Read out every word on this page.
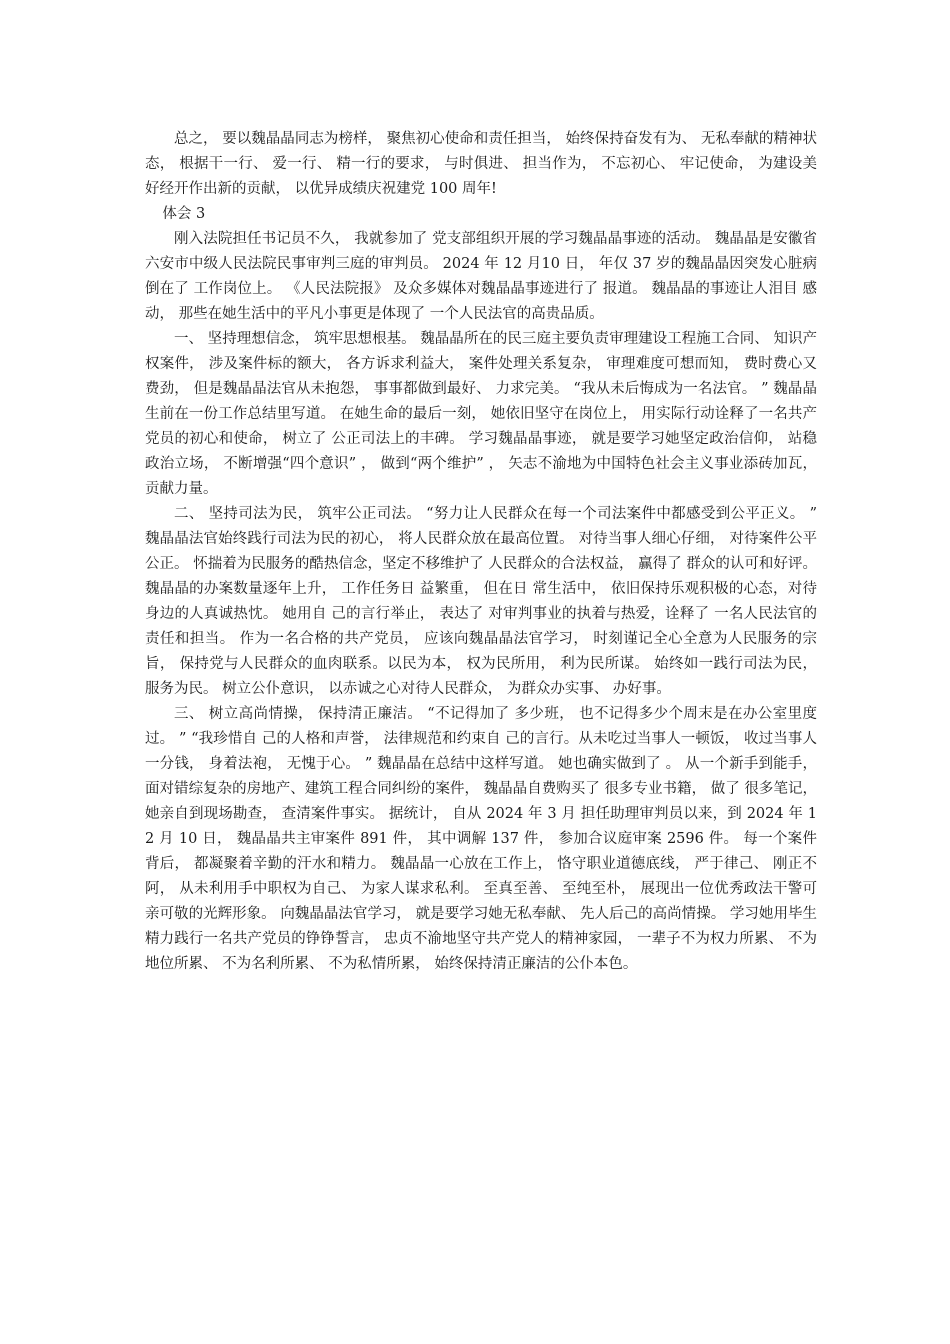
总之， 要以魏晶晶同志为榜样， 聚焦初心使命和责任担当， 始终保持奋发有为、 无私奉献的精神状态， 根据干一行、 爱一行、 精一行的要求， 与时俱进、 担当作为， 不忘初心、 牢记使命， 为建设美好经开作出新的贡献， 以优异成绩庆祝建党 100 周年!

体会 3

刚入法院担任书记员不久， 我就参加了 党支部组织开展的学习魏晶晶事迹的活动。 魏晶晶是安徽省六安市中级人民法院民事审判三庭的审判员。 2024 年 12 月10 日， 年仅 37 岁的魏晶晶因突发心脏病倒在了 工作岗位上。 《人民法院报》 及众多媒体对魏晶晶事迹进行了 报道。 魏晶晶的事迹让人泪目 感动， 那些在她生活中的平凡小事更是体现了 一个人民法官的高贵品质。

一、 坚持理想信念， 筑牢思想根基。 魏晶晶所在的民三庭主要负责审理建设工程施工合同、 知识产权案件， 涉及案件标的额大， 各方诉求利益大， 案件处理关系复杂， 审理难度可想而知， 费时费心又费劲， 但是魏晶晶法官从未抱怨， 事事都做到最好、 力求完美。 “我从未后悔成为一名法官。 ” 魏晶晶生前在一份工作总结里写道。 在她生命的最后一刻， 她依旧坚守在岗位上， 用实际行动诠释了一名共产党员的初心和使命， 树立了 公正司法上的丰碑。 学习魏晶晶事迹， 就是要学习她坚定政治信仰， 站稳政治立场， 不断增强“四个意识” ， 做到“两个维护” ， 矢志不渝地为中国特色社会主义事业添砖加瓦， 贡献力量。

二、 坚持司法为民， 筑牢公正司法。 “努力让人民群众在每一个司法案件中都感受到公平正义。 ” 魏晶晶法官始终践行司法为民的初心， 将人民群众放在最高位置。 对待当事人细心仔细， 对待案件公平公正。 怀揣着为民服务的酷热信念，坚定不移维护了 人民群众的合法权益， 赢得了 群众的认可和好评。 魏晶晶的办案数量逐年上升， 工作任务日 益繁重， 但在日 常生活中， 依旧保持乐观积极的心态，对待身边的人真诚热忱。 她用自 己的言行举止， 表达了 对审判事业的执着与热爱，诠释了 一名人民法官的责任和担当。 作为一名合格的共产党员， 应该向魏晶晶法官学习， 时刻谨记全心全意为人民服务的宗旨， 保持党与人民群众的血肉联系。以民为本， 权为民所用， 利为民所谋。 始终如一践行司法为民， 服务为民。 树立公仆意识， 以赤诚之心对待人民群众， 为群众办实事、 办好事。

三、 树立高尚情操， 保持清正廉洁。 “不记得加了 多少班， 也不记得多少个周末是在办公室里度过。 ” “我珍惜自 己的人格和声誉， 法律规范和约束自 己的言行。从未吃过当事人一顿饭， 收过当事人一分钱， 身着法袍， 无愧于心。 ” 魏晶晶在总结中这样写道。 她也确实做到了 。 从一个新手到能手， 面对错综复杂的房地产、建筑工程合同纠纷的案件， 魏晶晶自费购买了 很多专业书籍， 做了 很多笔记， 她亲自到现场勘查， 查清案件事实。 据统计， 自从 2024 年 3 月 担任助理审判员以来，到 2024 年 12 月 10 日， 魏晶晶共主审案件 891 件， 其中调解 137 件， 参加合议庭审案 2596 件。 每一个案件背后， 都凝聚着辛勤的汗水和精力。 魏晶晶一心放在工作上， 恪守职业道德底线， 严于律己、 刚正不阿， 从未利用手中职权为自己、 为家人谋求私利。 至真至善、 至纯至朴， 展现出一位优秀政法干警可亲可敬的光辉形象。 向魏晶晶法官学习， 就是要学习她无私奉献、 先人后己的高尚情操。 学习她用毕生精力践行一名共产党员的铮铮誓言， 忠贞不渝地坚守共产党人的精神家园， 一辈子不为权力所累、 不为地位所累、 不为名利所累、 不为私情所累， 始终保持清正廉洁的公仆本色。
